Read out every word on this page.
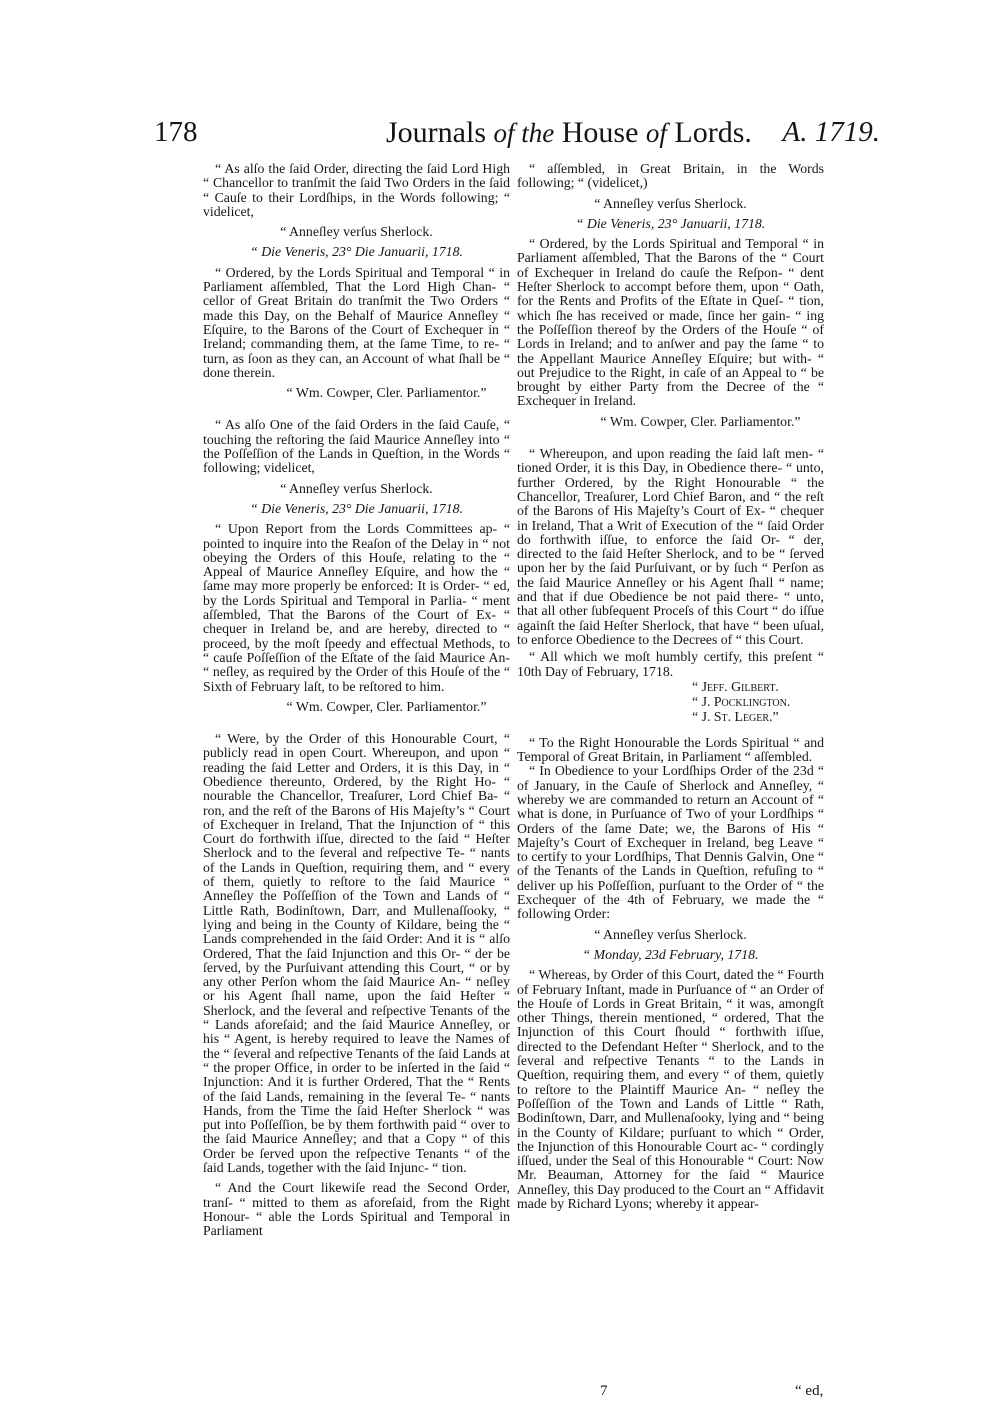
178	Journals of the House of Lords. A. 1719.

“ As alſo the ſaid Order, directing the ſaid Lord High “ Chancellor to tranſmit the ſaid Two Orders in the ſaid “ Cauſe to their Lordſhips, in the Words following; “ videlicet,

“ Anneſley verſus Sherlock.

“ Die Veneris, 23° Die Januarii, 1718.

“ Ordered, by the Lords Spiritual and Temporal “ in Parliament aſſembled, That the Lord High Chan- “ cellor of Great Britain do tranſmit the Two Orders “ made this Day, on the Behalf of Maurice Anneſley “ Eſquire, to the Barons of the Court of Exchequer in “ Ireland; commanding them, at the ſame Time, to re- “ turn, as ſoon as they can, an Account of what ſhall be “ done therein.

“ Wm. Cowper, Cler. Parliamentor.”

“ As alſo One of the ſaid Orders in the ſaid Cauſe, “ touching the reſtoring the ſaid Maurice Anneſley into “ the Poſſeſſion of the Lands in Queſtion, in the Words “ following; videlicet,

“ Anneſley verſus Sherlock.

“ Die Veneris, 23° Die Januarii, 1718.

“ Upon Report from the Lords Committees ap- “ pointed to inquire into the Reaſon of the Delay in “ not obeying the Orders of this Houſe, relating to the “ Appeal of Maurice Anneſley Eſquire, and how the “ ſame may more properly be enforced: It is Order- “ ed, by the Lords Spiritual and Temporal in Parlia- “ ment aſſembled, That the Barons of the Court of Ex- “ chequer in Ireland be, and are hereby, directed to “ proceed, by the moſt ſpeedy and effectual Methods, to “ cauſe Poſſeſſion of the Eſtate of the ſaid Maurice An- “ neſley, as required by the Order of this Houſe of the “ Sixth of February laſt, to be reſtored to him.

“ Wm. Cowper, Cler. Parliamentor.”

“ Were, by the Order of this Honourable Court, “ publicly read in open Court. Whereupon, and upon “ reading the ſaid Letter and Orders, it is this Day, in “ Obedience thereunto, Ordered, by the Right Ho- “ nourable the Chancellor, Treaſurer, Lord Chief Ba- “ ron, and the reſt of the Barons of His Majeſty’s “ Court of Exchequer in Ireland, That the Injunction of “ this Court do forthwith iſſue, directed to the ſaid “ Heſter Sherlock and to the ſeveral and reſpective Te- “ nants of the Lands in Queſtion, requiring them, and “ every of them, quietly to reſtore to the ſaid Maurice “ Anneſley the Poſſeſſion of the Town and Lands of “ Little Rath, Bodinſtown, Darr, and Mullenaſſooky, “ lying and being in the County of Kildare, being the “ Lands comprehended in the ſaid Order: And it is “ alſo Ordered, That the ſaid Injunction and this Or- “ der be ſerved, by the Purſuivant attending this Court, “ or by any other Perſon whom the ſaid Maurice An- “ neſley or his Agent ſhall name, upon the ſaid Heſter “ Sherlock, and the ſeveral and reſpective Tenants of the “ Lands aforeſaid; and the ſaid Maurice Anneſley, or his “ Agent, is hereby required to leave the Names of the “ ſeveral and reſpective Tenants of the ſaid Lands at “ the proper Office, in order to be inſerted in the ſaid “ Injunction: And it is further Ordered, That the “ Rents of the ſaid Lands, remaining in the ſeveral Te- “ nants Hands, from the Time the ſaid Heſter Sherlock “ was put into Poſſeſſion, be by them forthwith paid “ over to the ſaid Maurice Anneſley; and that a Copy “ of this Order be ſerved upon the reſpective Tenants “ of the ſaid Lands, together with the ſaid Injunc- “ tion.

“ And the Court likewiſe read the Second Order, tranſ- “ mitted to them as aforeſaid, from the Right Honour- “ able the Lords Spiritual and Temporal in Parliament

“ aſſembled, in Great Britain, in the Words following; “ (videlicet,)

“ Anneſley verſus Sherlock.

“ Die Veneris, 23° Januarii, 1718.

“ Ordered, by the Lords Spiritual and Temporal “ in Parliament aſſembled, That the Barons of the “ Court of Exchequer in Ireland do cauſe the Reſpon- “ dent Heſter Sherlock to accompt before them, upon “ Oath, for the Rents and Profits of the Eſtate in Queſ- “ tion, which ſhe has received or made, ſince her gain- “ ing the Poſſeſſion thereof by the Orders of the Houſe “ of Lords in Ireland; and to anſwer and pay the ſame “ to the Appellant Maurice Anneſley Eſquire; but with- “ out Prejudice to the Right, in caſe of an Appeal to “ be brought by either Party from the Decree of the “ Exchequer in Ireland.

“ Wm. Cowper, Cler. Parliamentor.”

“ Whereupon, and upon reading the ſaid laſt men- “ tioned Order, it is this Day, in Obedience there- “ unto, further Ordered, by the Right Honourable “ the Chancellor, Treaſurer, Lord Chief Baron, and “ the reſt of the Barons of His Majeſty’s Court of Ex- “ chequer in Ireland, That a Writ of Execution of the “ ſaid Order do forthwith iſſue, to enforce the ſaid Or- “ der, directed to the ſaid Heſter Sherlock, and to be “ ſerved upon her by the ſaid Purſuivant, or by ſuch “ Perſon as the ſaid Maurice Anneſley or his Agent ſhall “ name; and that if due Obedience be not paid there- “ unto, that all other ſubſequent Proceſs of this Court “ do iſſue againſt the ſaid Heſter Sherlock, that have “ been uſual, to enforce Obedience to the Decrees of “ this Court.

“ All which we moſt humbly certify, this preſent “ 10th Day of February, 1718.

“ Jeff. Gilbert.

“ J. Pocklington.

“ J. St. Leger.”

“ To the Right Honourable the Lords Spiritual “ and Temporal of Great Britain, in Parliament “ aſſembled.

“ In Obedience to your Lordſhips Order of the 23d “ of January, in the Cauſe of Sherlock and Anneſley, “ whereby we are commanded to return an Account of “ what is done, in Purſuance of Two of your Lordſhips “ Orders of the ſame Date; we, the Barons of His “ Majeſty’s Court of Exchequer in Ireland, beg Leave “ to certify to your Lordſhips, That Dennis Galvin, One “ of the Tenants of the Lands in Queſtion, refuſing to “ deliver up his Poſſeſſion, purſuant to the Order of “ the Exchequer of the 4th of February, we made the “ following Order:

“ Anneſley verſus Sherlock.

“ Monday, 23d February, 1718.

“ Whereas, by Order of this Court, dated the “ Fourth of February Inſtant, made in Purſuance of “ an Order of the Houſe of Lords in Great Britain, “ it was, amongſt other Things, therein mentioned, “ ordered, That the Injunction of this Court ſhould “ forthwith iſſue, directed to the Defendant Heſter “ Sherlock, and to the ſeveral and reſpective Tenants “ to the Lands in Queſtion, requiring them, and every “ of them, quietly to reſtore to the Plaintiff Maurice An- “ neſley the Poſſeſſion of the Town and Lands of Little “ Rath, Bodinſtown, Darr, and Mullenaſooky, lying and “ being in the County of Kildare; purſuant to which “ Order, the Injunction of this Honourable Court ac- “ cordingly iſſued, under the Seal of this Honourable “ Court: Now Mr. Beauman, Attorney for the ſaid “ Maurice Anneſley, this Day produced to the Court an “ Affidavit made by Richard Lyons; whereby it appear-

7	“ ed,
